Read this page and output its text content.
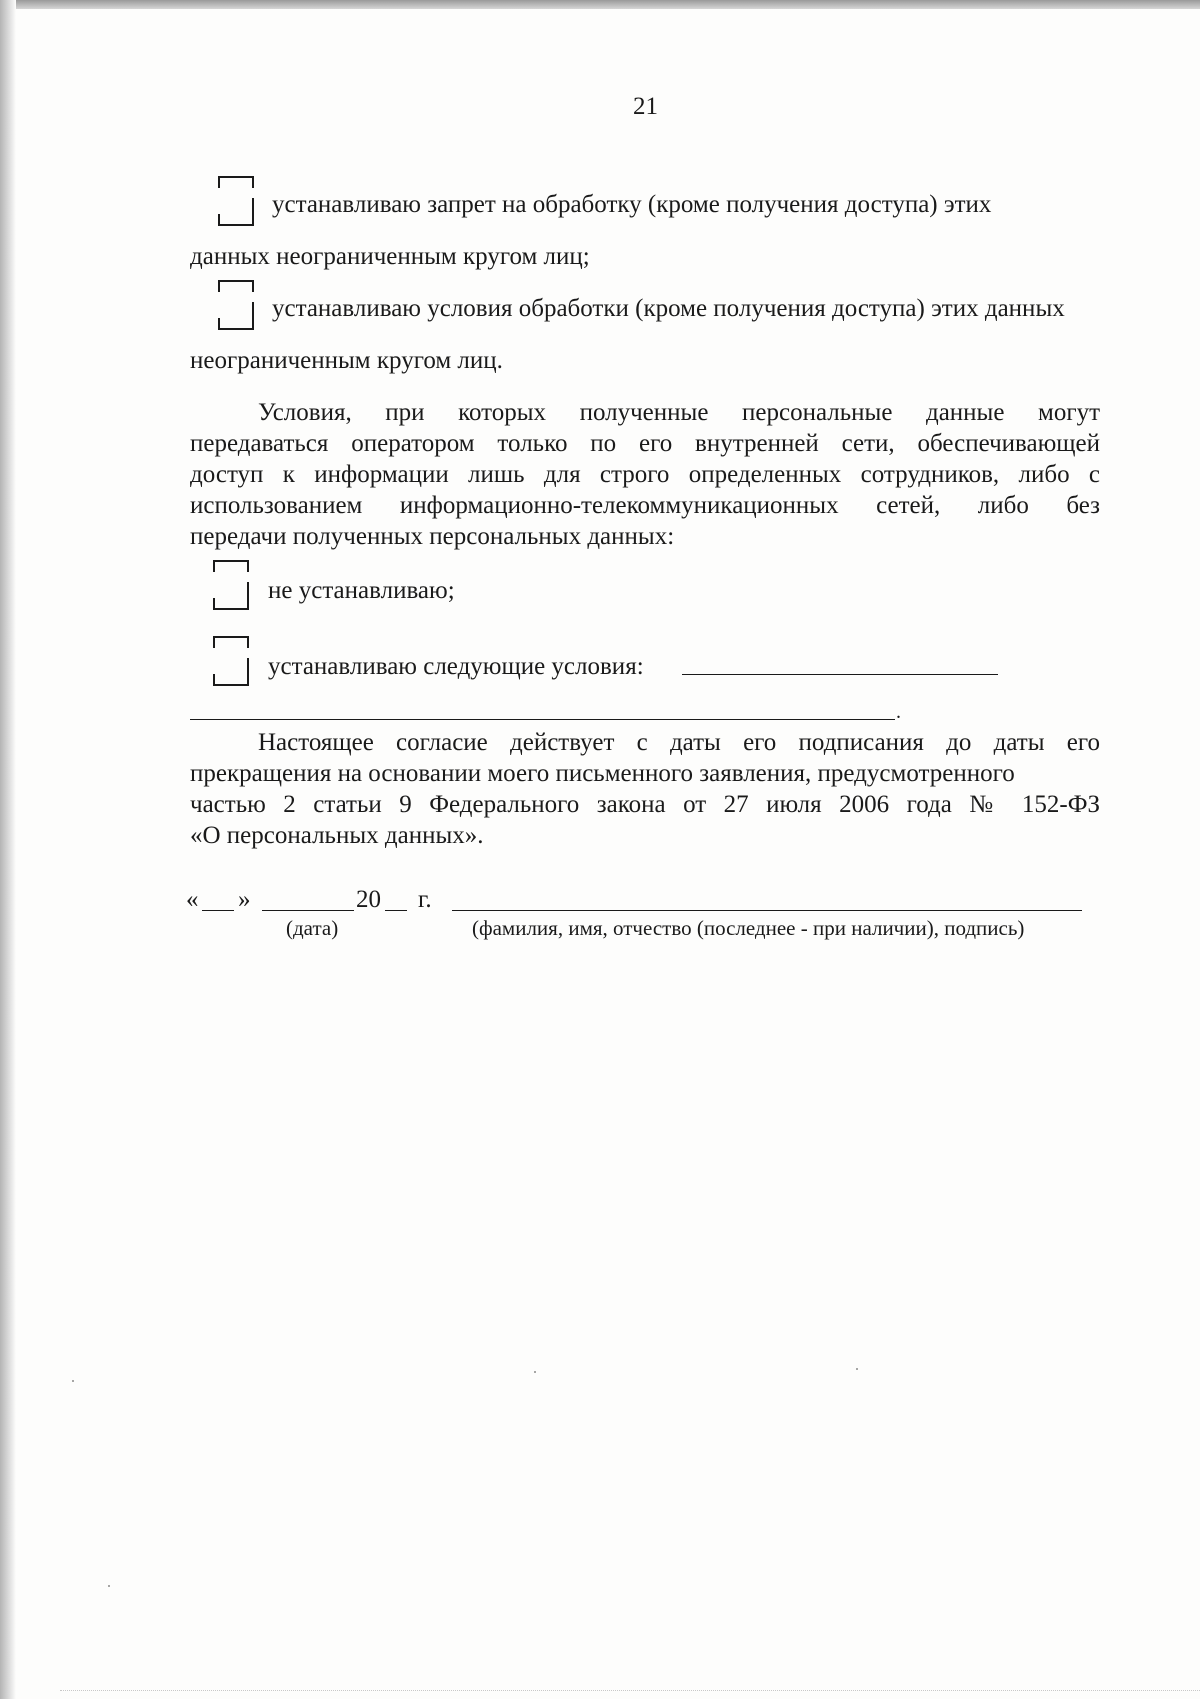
21
устанавливаю запрет на обработку (кроме получения доступа) этих
данных неограниченным кругом лиц;
устанавливаю условия обработки (кроме получения доступа) этих данных
неограниченным кругом лиц.
Условия, при которых полученные персональные данные могут
передаваться оператором только по его внутренней сети, обеспечивающей
доступ к информации лишь для строго определенных сотрудников, либо с
использованием информационно-телекоммуникационных сетей, либо без
передачи полученных персональных данных:
не устанавливаю;
устанавливаю следующие условия:
.
Настоящее согласие действует с даты его подписания до даты его
прекращения на основании моего письменного заявления, предусмотренного
частью 2 статьи 9 Федерального закона от 27 июля 2006 года № 152-ФЗ
«О персональных данных».
« »	20 г.
(дата)	(фамилия, имя, отчество (последнее - при наличии), подпись)
